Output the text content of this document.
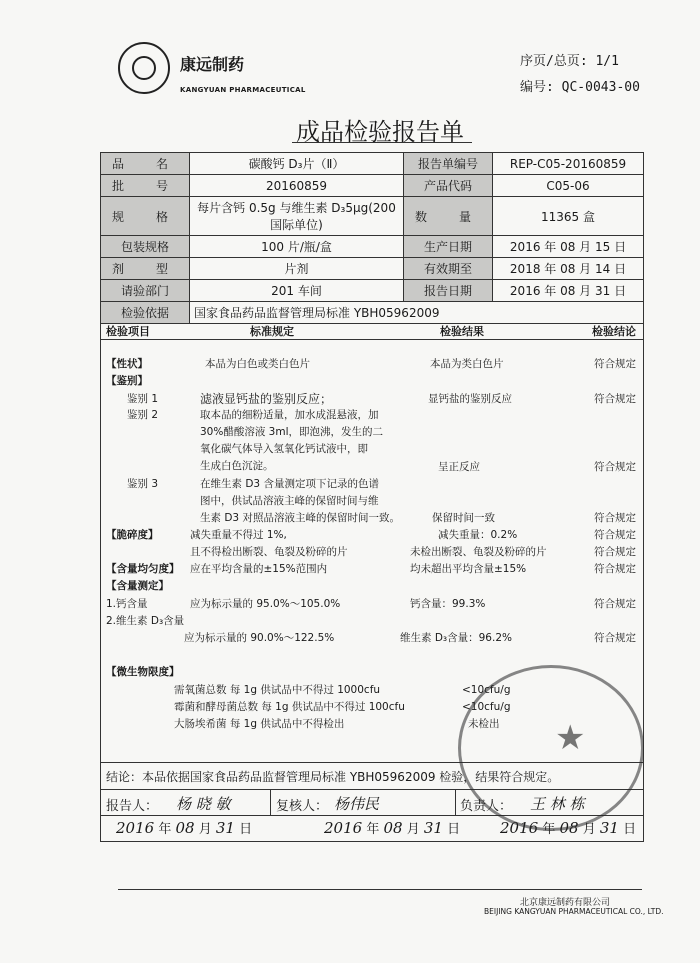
康远制药
KANGYUAN PHARMACEUTICAL
序页/总页: 1/1
编号: QC-0043-00
成品检验报告单
品　名	碳酸钙 D₃片（Ⅱ）	报告单编号	REP-C05-20160859
批　号	20160859	产品代码	C05-06
规　格	每片含钙 0.5g 与维生素 D₃5μg(200国际单位)	数　量	11365 盒
包装规格	100 片/瓶/盒	生产日期	2016 年 08 月 15 日
剂　型	片剂	有效期至	2018 年 08 月 14 日
请验部门	201 车间	报告日期	2016 年 08 月 31 日
检验依据	国家食品药品监督管理局标准 YBH05962009		
检验项目	标准规定	检验结果	检验结论
【性状】	本品为白色或类白色片	本品为类白色片	符合规定
【鉴别】
鉴别 1	滤液显钙盐的鉴别反应；	显钙盐的鉴别反应	符合规定
鉴别 2	取本品的细粉适量，加水成混悬液，加
30%醋酸溶液 3ml，即泡沸，发生的二
氧化碳气体导入氢氧化钙试液中，即
生成白色沉淀。	呈正反应	符合规定
鉴别 3	在维生素 D3 含量测定项下记录的色谱
图中，供试品溶液主峰的保留时间与维
生素 D3 对照品溶液主峰的保留时间一致。	保留时间一致	符合规定
【脆碎度】	减失重量不得过 1%,	减失重量：0.2%	符合规定
且不得检出断裂、龟裂及粉碎的片	未检出断裂、龟裂及粉碎的片	符合规定
【含量均匀度】 应在平均含量的±15%范围内	均未超出平均含量±15%	符合规定
【含量测定】
1.钙含量	应为标示量的 95.0%～105.0%	钙含量：99.3%	符合规定
2.维生素 D₃含量
应为标示量的 90.0%～122.5%	维生素 D₃含量：96.2%	符合规定
【微生物限度】
需氧菌总数 每 1g 供试品中不得过 1000cfu	<10cfu/g
霉菌和酵母菌总数 每 1g 供试品中不得过 100cfu	<10cfu/g
大肠埃希菌 每 1g 供试品中不得检出	未检出
结论：本品依据国家食品药品监督管理局标准 YBH05962009 检验，结果符合规定。
报告人： 杨 晓 敏	复核人： 杨伟民	负责人： 王 林 栋
2016 年 08 月 31 日	2016 年 08 月 31 日	2016 年 08 月 31 日
★
北京康远制药有限公司
BEIJING KANGYUAN PHARMACEUTICAL CO., LTD.
